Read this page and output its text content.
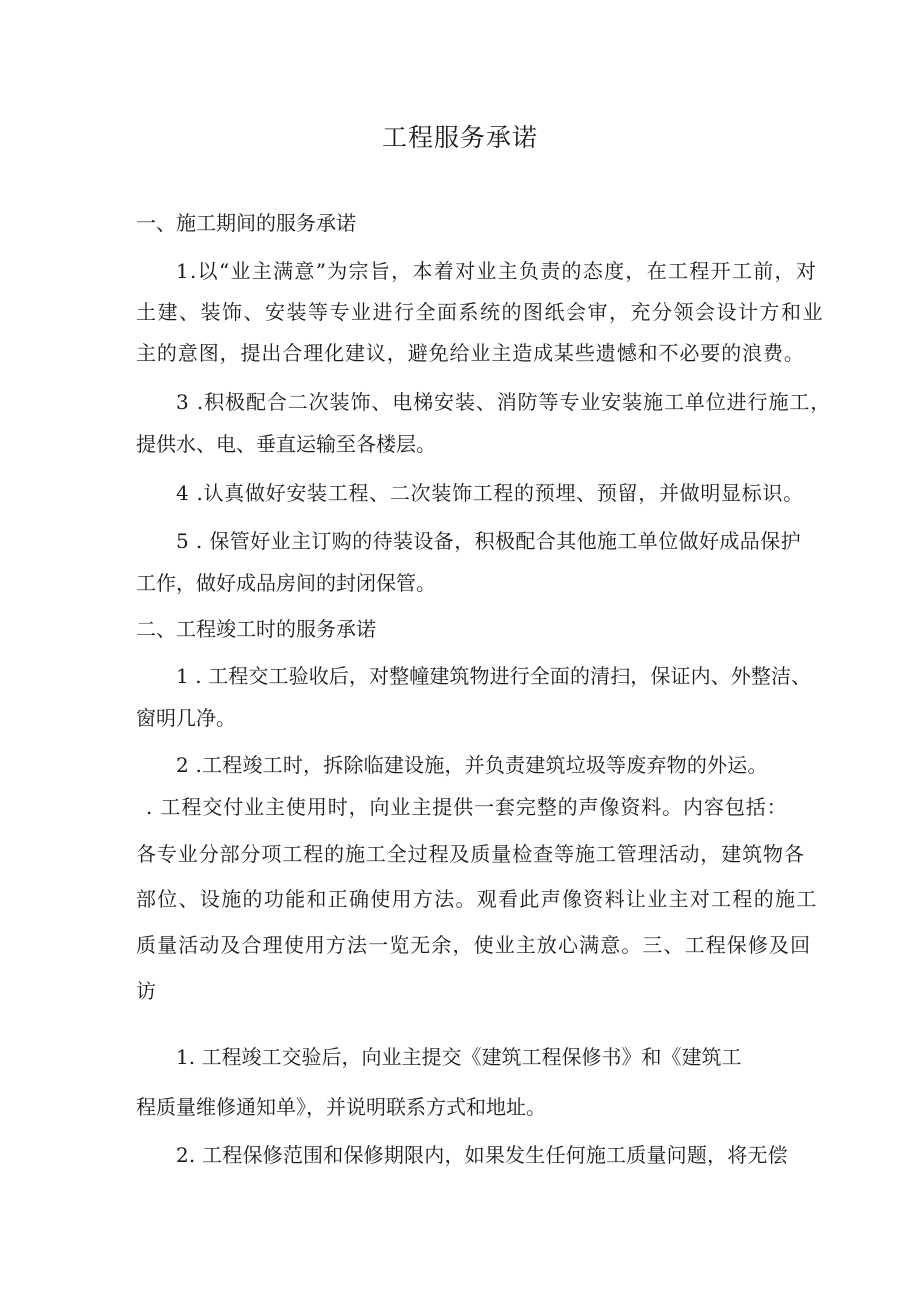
工程服务承诺

一、施工期间的服务承诺

1.以“业主满意”为宗旨，本着对业主负责的态度，在工程开工前，对

土建、装饰、安装等专业进行全面系统的图纸会审，充分领会设计方和业

主的意图，提出合理化建议，避免给业主造成某些遗憾和不必要的浪费。

3 .积极配合二次装饰、电梯安装、消防等专业安装施工单位进行施工，

提供水、电、垂直运输至各楼层。

4 .认真做好安装工程、二次装饰工程的预埋、预留，并做明显标识。

5 . 保管好业主订购的待装设备，积极配合其他施工单位做好成品保护

工作，做好成品房间的封闭保管。

二、工程竣工时的服务承诺

1 . 工程交工验收后，对整幢建筑物进行全面的清扫，保证内、外整洁、

窗明几净。

2 .工程竣工时，拆除临建设施，并负责建筑垃圾等废弃物的外运。

. 工程交付业主使用时，向业主提供一套完整的声像资料。内容包括：

各专业分部分项工程的施工全过程及质量检查等施工管理活动，建筑物各

部位、设施的功能和正确使用方法。观看此声像资料让业主对工程的施工

质量活动及合理使用方法一览无余，使业主放心满意。三、工程保修及回

访

1. 工程竣工交验后，向业主提交《建筑工程保修书》和《建筑工

程质量维修通知单》，并说明联系方式和地址。

2. 工程保修范围和保修期限内，如果发生任何施工质量问题，将无偿
